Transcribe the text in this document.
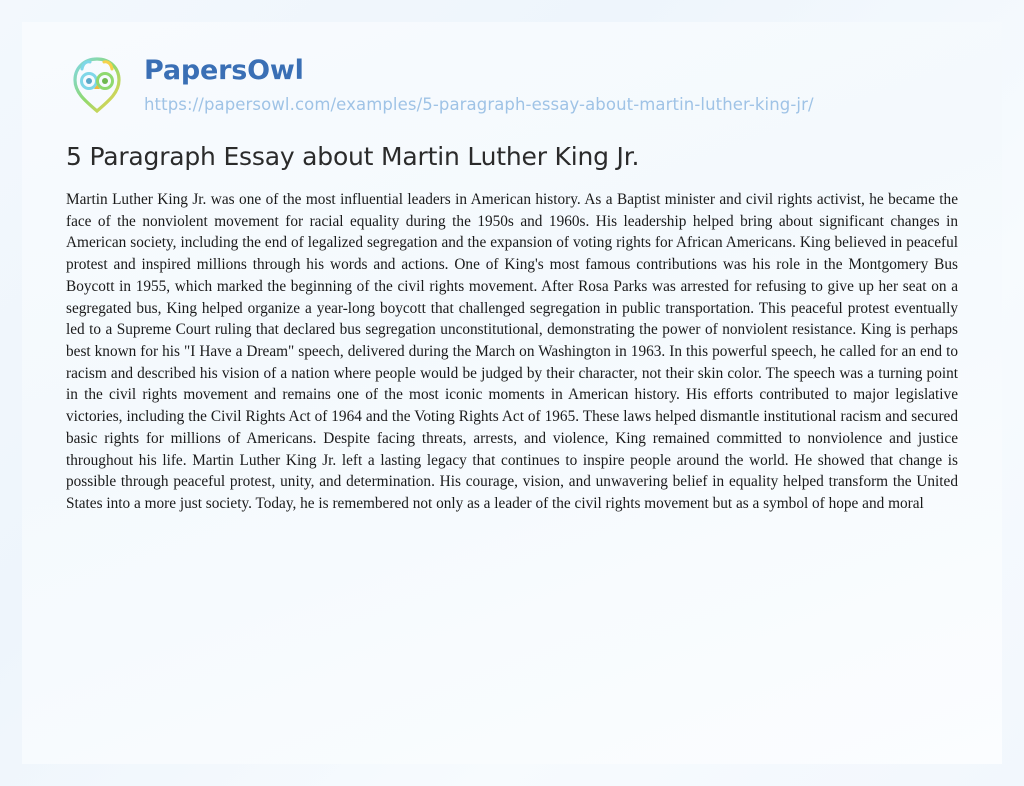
PapersOwl
https://papersowl.com/examples/5-paragraph-essay-about-martin-luther-king-jr/
5 Paragraph Essay about Martin Luther King Jr.

Martin Luther King Jr. was one of the most influential leaders in American history. As a Baptist minister and civil rights activist, he became the face of the nonviolent movement for racial equality during the 1950s and 1960s. His leadership helped bring about significant changes in American society, including the end of legalized segregation and the expansion of voting rights for African Americans. King believed in peaceful protest and inspired millions through his words and actions. One of King's most famous contributions was his role in the Montgomery Bus Boycott in 1955, which marked the beginning of the civil rights movement. After Rosa Parks was arrested for refusing to give up her seat on a segregated bus, King helped organize a year-long boycott that challenged segregation in public transportation. This peaceful protest eventually led to a Supreme Court ruling that declared bus segregation unconstitutional, demonstrating the power of nonviolent resistance. King is perhaps best known for his "I Have a Dream" speech, delivered during the March on Washington in 1963. In this powerful speech, he called for an end to racism and described his vision of a nation where people would be judged by their character, not their skin color. The speech was a turning point in the civil rights movement and remains one of the most iconic moments in American history. His efforts contributed to major legislative victories, including the Civil Rights Act of 1964 and the Voting Rights Act of 1965. These laws helped dismantle institutional racism and secured basic rights for millions of Americans. Despite facing threats, arrests, and violence, King remained committed to nonviolence and justice throughout his life. Martin Luther King Jr. left a lasting legacy that continues to inspire people around the world. He showed that change is possible through peaceful protest, unity, and determination. His courage, vision, and unwavering belief in equality helped transform the United States into a more just society. Today, he is remembered not only as a leader of the civil rights movement but as a symbol of hope and moral
